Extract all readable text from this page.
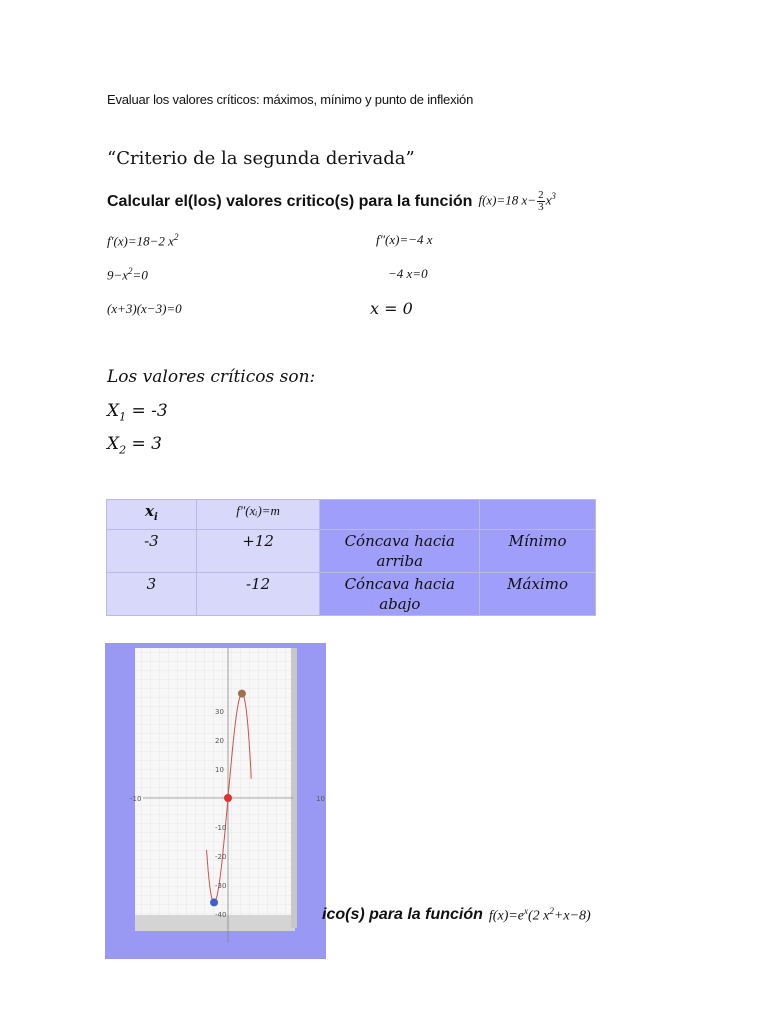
Evaluar los valores críticos: máximos, mínimo y punto de inflexión
“Criterio de la segunda derivada”
Calcular el(los) valores critico(s) para la función f(x)=18 $x- \frac{2}{3} x^3$
f′(x)=18−2 $x^2$
$9-x^2=0$
(x+3)(x−3)=0
f″(x)=−4 x
−4 x=0
x = 0
Los valores críticos son:
$X_1 = -3$
$X_2 = 3$
$x_i$	f″(xᵢ)=m		
-3	+12	Cóncava hacia arriba	Mínimo
3	-12	Cóncava hacia abajo	Máximo
-10	10
30
20
10
-10
-20
-30
-40	ico(s) para la función $f(x)=e^x(2$ $x^2+x-8$)
